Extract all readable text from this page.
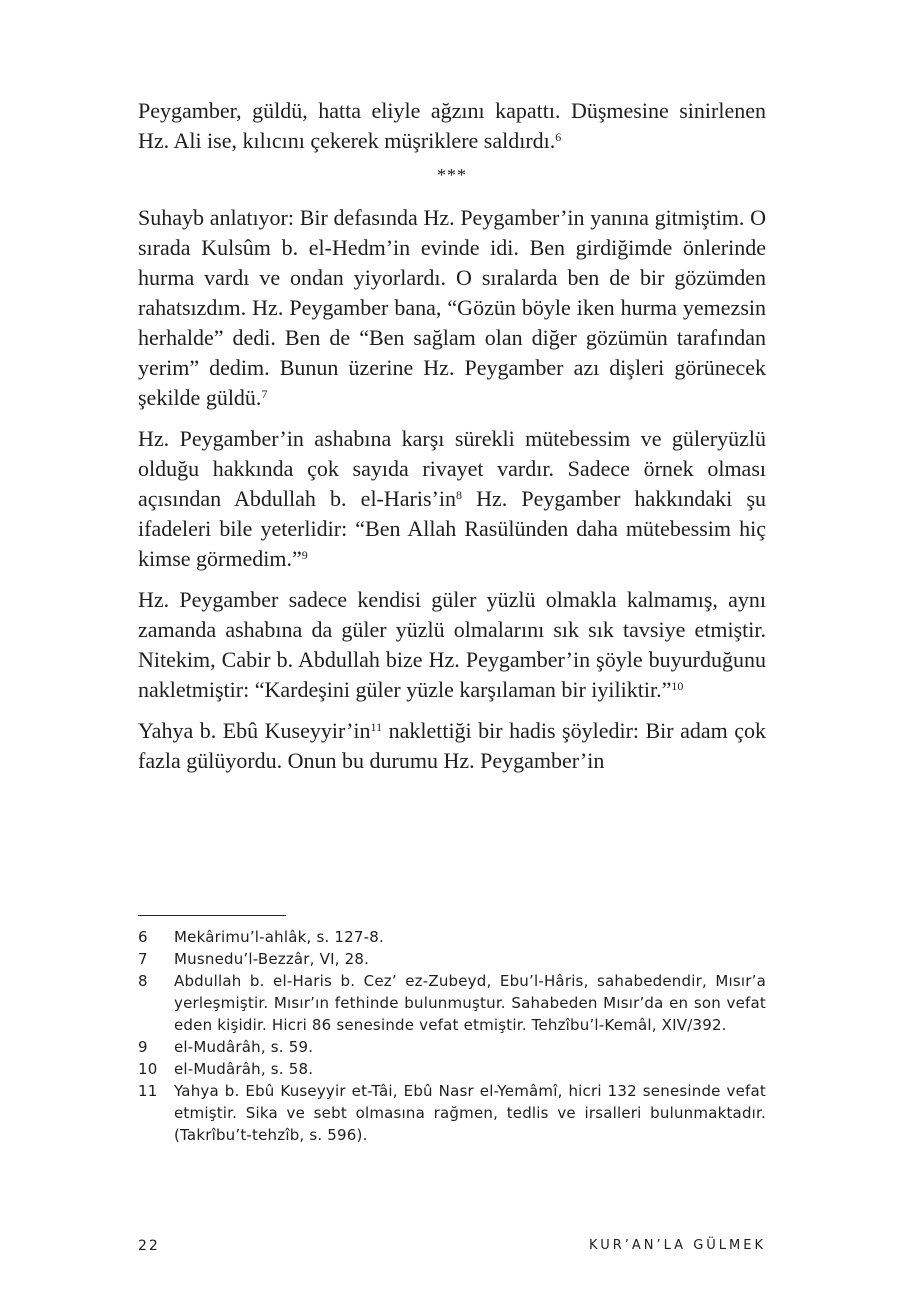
Peygamber, güldü, hatta eliyle ağzını kapattı. Düşmesine sinirlenen Hz. Ali ise, kılıcını çekerek müşriklere saldırdı.$^6$

***

Suhayb anlatıyor: Bir defasında Hz. Peygamber’in yanına gitmiştim. O sırada Kulsûm b. el-Hedm’in evinde idi. Ben girdiğimde önlerinde hurma vardı ve ondan yiyorlardı. O sıralarda ben de bir gözümden rahatsızdım. Hz. Peygamber bana, “Gözün böyle iken hurma yemezsin herhalde” dedi. Ben de “Ben sağlam olan diğer gözümün tarafından yerim” dedim. Bunun üzerine Hz. Peygamber azı dişleri görünecek şekilde güldü.$^7$

Hz. Peygamber’in ashabına karşı sürekli mütebessim ve güleryüzlü olduğu hakkında çok sayıda rivayet vardır. Sadece örnek olması açısından Abdullah b. $el-Haris’in^8$ Hz. Peygamber hakkındaki şu ifadeleri bile yeterlidir: “Ben Allah Rasülünden daha mütebessim hiç kimse görmedim.”$^9$

Hz. Peygamber sadece kendisi güler yüzlü olmakla kalmamış, aynı zamanda ashabına da güler yüzlü olmalarını sık sık tavsiye etmiştir. Nitekim, Cabir b. Abdullah bize Hz. Peygamber’in şöyle buyurduğunu nakletmiştir: “Kardeşini güler yüzle karşılaman bir iyiliktir.”$^{10}$

Yahya b. Ebû $Kuseyyir’in^{11}$ naklettiği bir hadis şöyledir: Bir adam çok fazla gülüyordu. Onun bu durumu Hz. Peygamber’in

6	Mekârimu’l-ahlâk, s. 127-8.
7	Musnedu’l-Bezzâr, VI, 28.
8	Abdullah b. el-Haris b. Cez’ ez-Zubeyd, Ebu’l-Hâris, sahabedendir, Mısır’a yerleşmiştir. Mısır’ın fethinde bulunmuştur. Sahabeden Mısır’da en son vefat eden kişidir. Hicri 86 senesinde vefat etmiştir. Tehzîbu’l-Kemâl, XIV/392.
9	el-Mudârâh, s. 59.
10	el-Mudârâh, s. 58.
11	Yahya b. Ebû Kuseyyir et-Tâi, Ebû Nasr el-Yemâmî, hicri 132 senesinde vefat etmiştir. Sika ve sebt olmasına rağmen, tedlis ve irsalleri bulunmaktadır. (Takrîbu’t-tehzîb, s. 596).
22	KUR’AN’LA GÜLMEK
